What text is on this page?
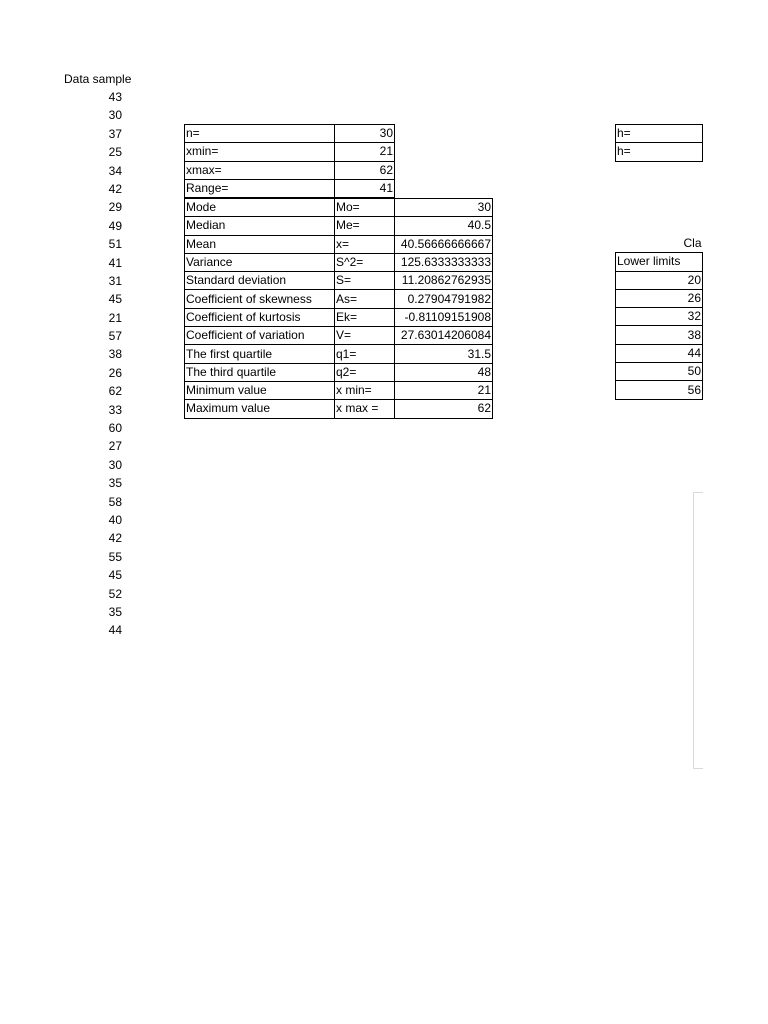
Data sample
43
30
37
25
34
42
29
49
51
41
31
45
21
57
38
26
62
33
60
27
30
35
58
40
42
55
45
52
35
44
n=	30
xmin=	21
xmax=	62
Range=	41
Mode	Mo=	30
Median	Me=	40.5
Mean	x=	40.56666666667
Variance	S^2=	125.6333333333
Standard deviation	S=	11.20862762935
Coefficient of skewness	As=	0.27904791982
Coefficient of kurtosis	Ek=	-0.81109151908
Coefficient of variation	V=	27.63014206084
The first quartile	q1=	31.5
The third quartile	q2=	48
Minimum value	x min=	21
Maximum value	x max =	62
h=
h=
Cla
Lower limits
20
26
32
38
44
50
56
